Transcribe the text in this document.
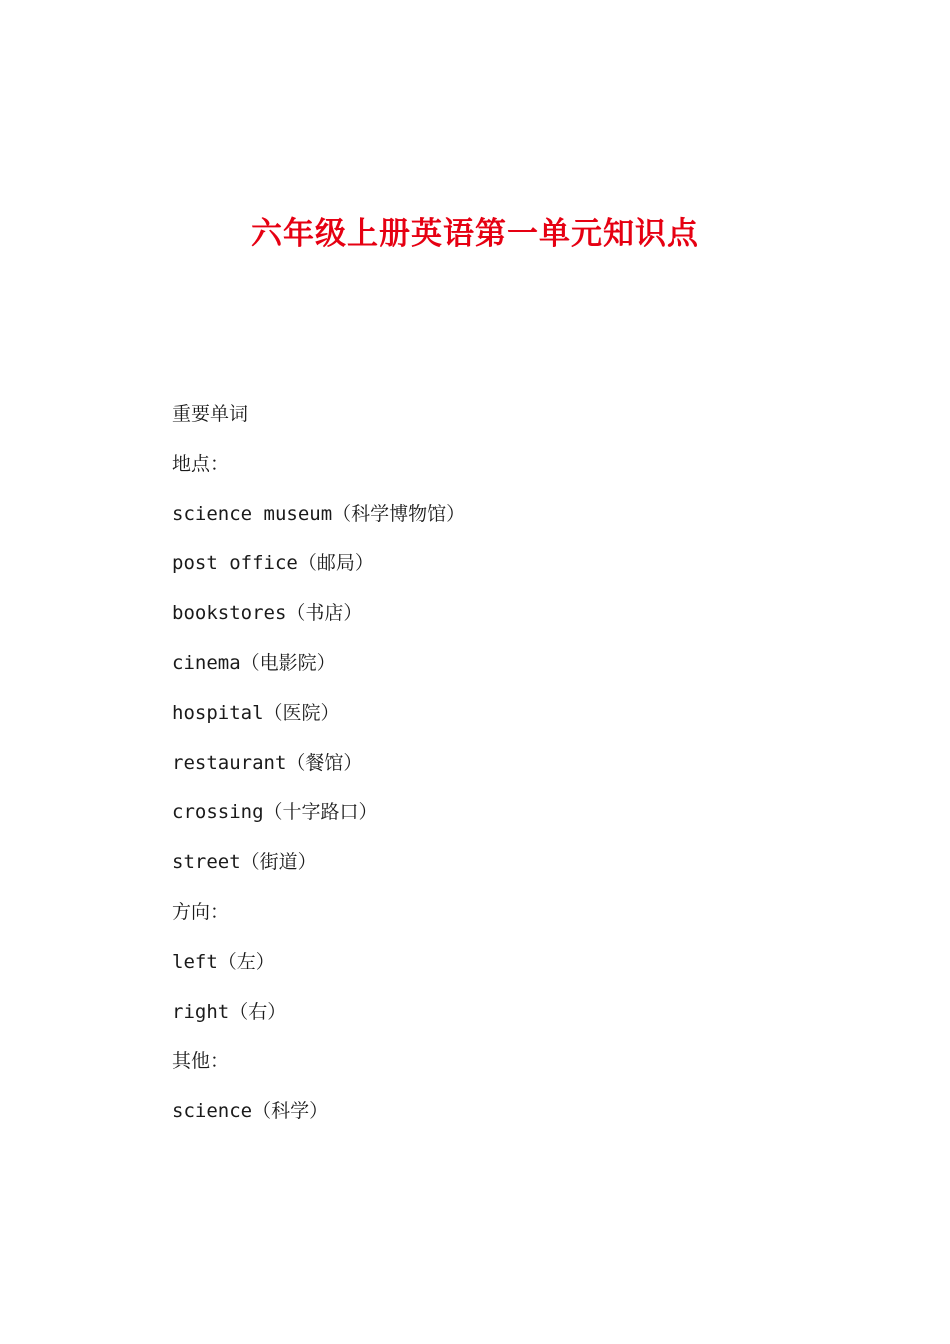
六年级上册英语第一单元知识点
重要单词
地点：
science museum（科学博物馆）
post office（邮局）
bookstores（书店）
cinema（电影院）
hospital（医院）
restaurant（餐馆）
crossing（十字路口）
street（街道）
方向：
left（左）
right（右）
其他：
science（科学）
